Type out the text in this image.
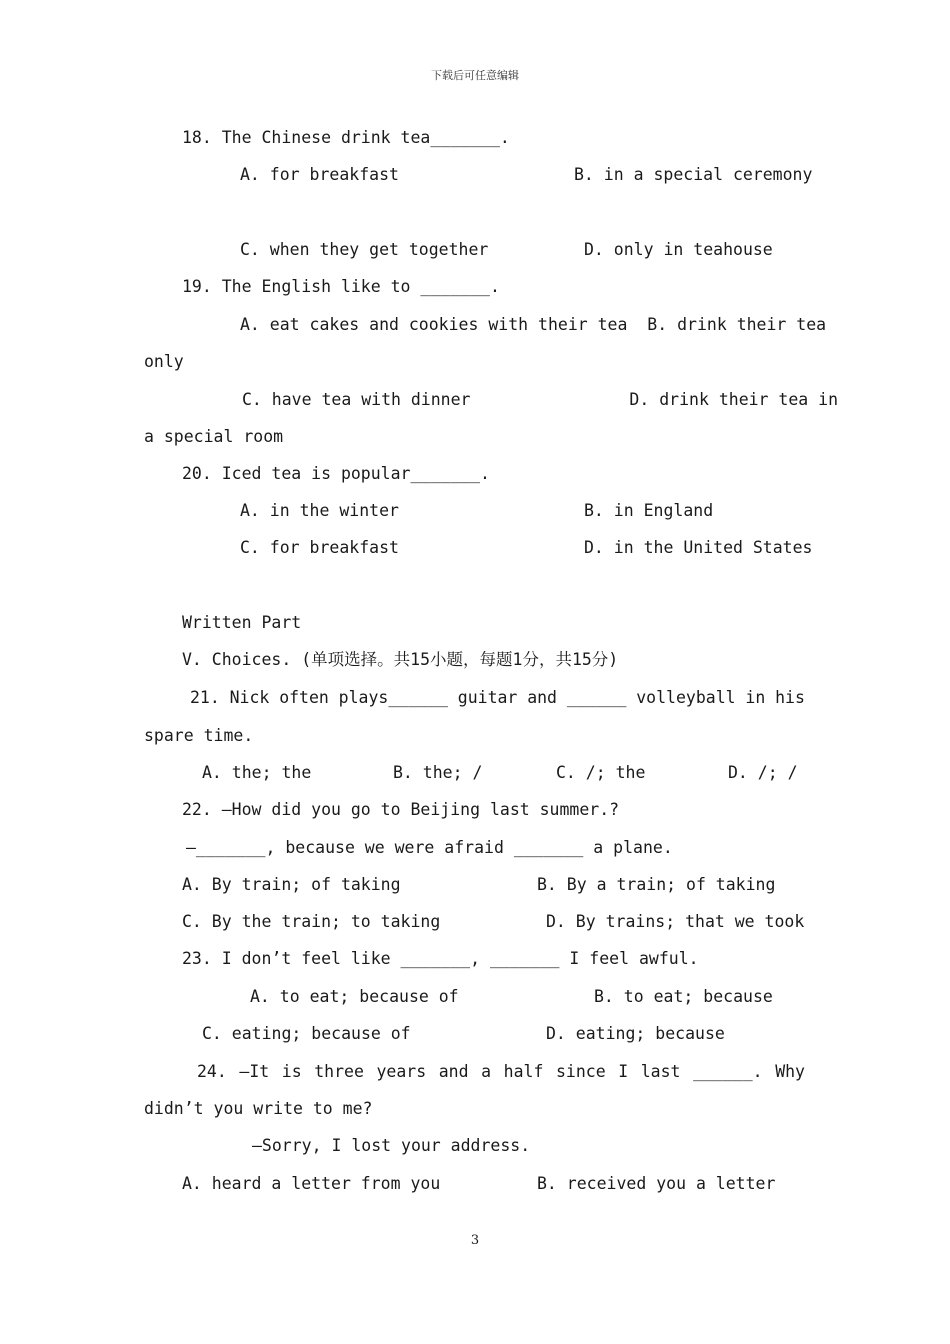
下载后可任意编辑
18. The Chinese drink tea_______.
A. for breakfast	B. in a special ceremony
C. when they get together	D. only in teahouse
19. The English like to _______.
A. eat cakes and cookies with their tea  B. drink their tea
only
C. have tea with dinner                D. drink their tea in
a special room
20. Iced tea is popular_______.
A. in the winter	B. in England
C. for breakfast	D. in the United States
Written Part
V. Choices. (单项选择。共15小题，每题1分，共15分)
21. Nick often plays______ guitar and ______ volleyball in his
spare time.
A. the; the	B. the; /	C. /; the	D. /; /
22. –How did you go to Beijing last summer.?
–_______, because we were afraid _______ a plane.
A. By train; of taking	B. By a train; of taking
C. By the train; to taking	D. By trains; that we took
23. I don’t feel like _______, _______ I feel awful.
A. to eat; because of	B. to eat; because
C. eating; because of	D. eating; because
24. –It is three years and a half since I last ______. Why
didn’t you write to me?
–Sorry, I lost your address.
A. heard a letter from you	B. received you a letter
3
